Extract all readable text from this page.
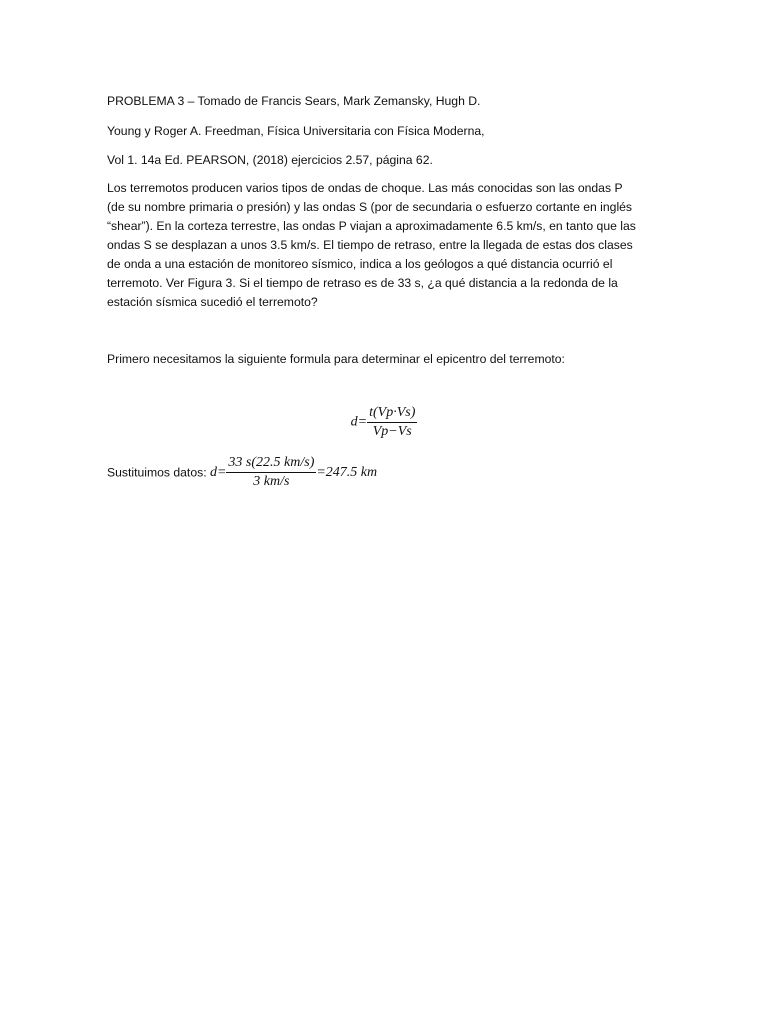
PROBLEMA 3 – Tomado de Francis Sears, Mark Zemansky, Hugh D.
Young y Roger A. Freedman, Física Universitaria con Física Moderna,
Vol 1. 14a Ed. PEARSON, (2018) ejercicios 2.57, página 62.
Los terremotos producen varios tipos de ondas de choque. Las más conocidas son las ondas P (de su nombre primaria o presión) y las ondas S (por de secundaria o esfuerzo cortante en inglés “shear”). En la corteza terrestre, las ondas P viajan a aproximadamente 6.5 km/s, en tanto que las ondas S se desplazan a unos 3.5 km/s. El tiempo de retraso, entre la llegada de estas dos clases de onda a una estación de monitoreo sísmico, indica a los geólogos a qué distancia ocurrió el terremoto. Ver Figura 3. Si el tiempo de retraso es de 33 s, ¿a qué distancia a la redonda de la estación sísmica sucedió el terremoto?
Primero necesitamos la siguiente formula para determinar el epicentro del terremoto:
$d= \frac{t(Vp\cdot Vs)}{Vp-Vs}$
Sustituimos datos: $d= \frac{33 s(22.5 km/s)}{3 km/s} =247.5$ km
